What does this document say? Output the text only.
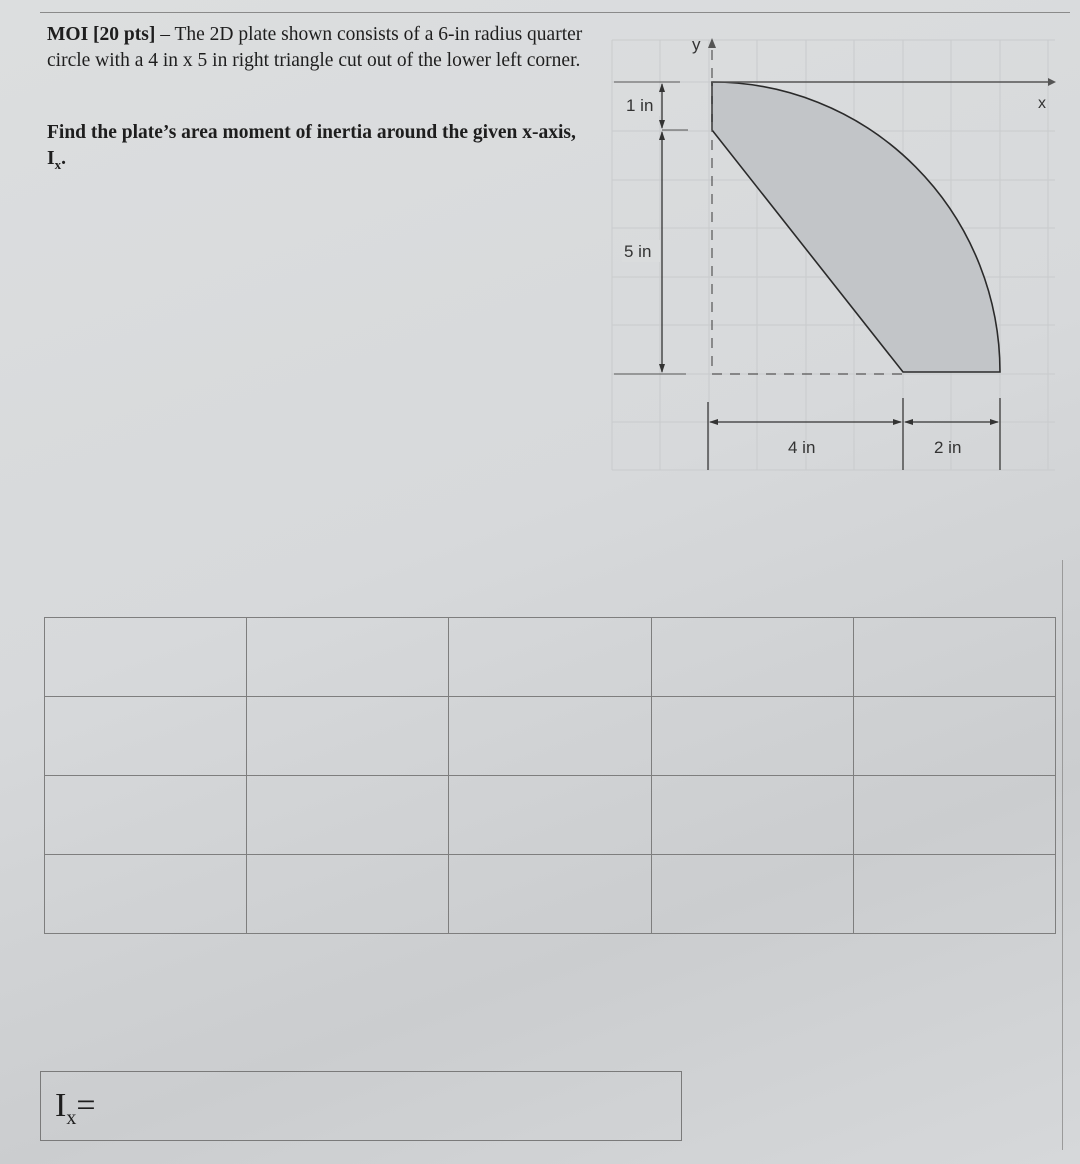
MOI [20 pts] – The 2D plate shown consists of a 6-in radius quarter circle with a 4 in x 5 in right triangle cut out of the lower left corner.

Find the plate’s area moment of inertia around the given x-axis, $I_x$.
x
y
1 in
5 in
4 in	2 in

$I_x=$
